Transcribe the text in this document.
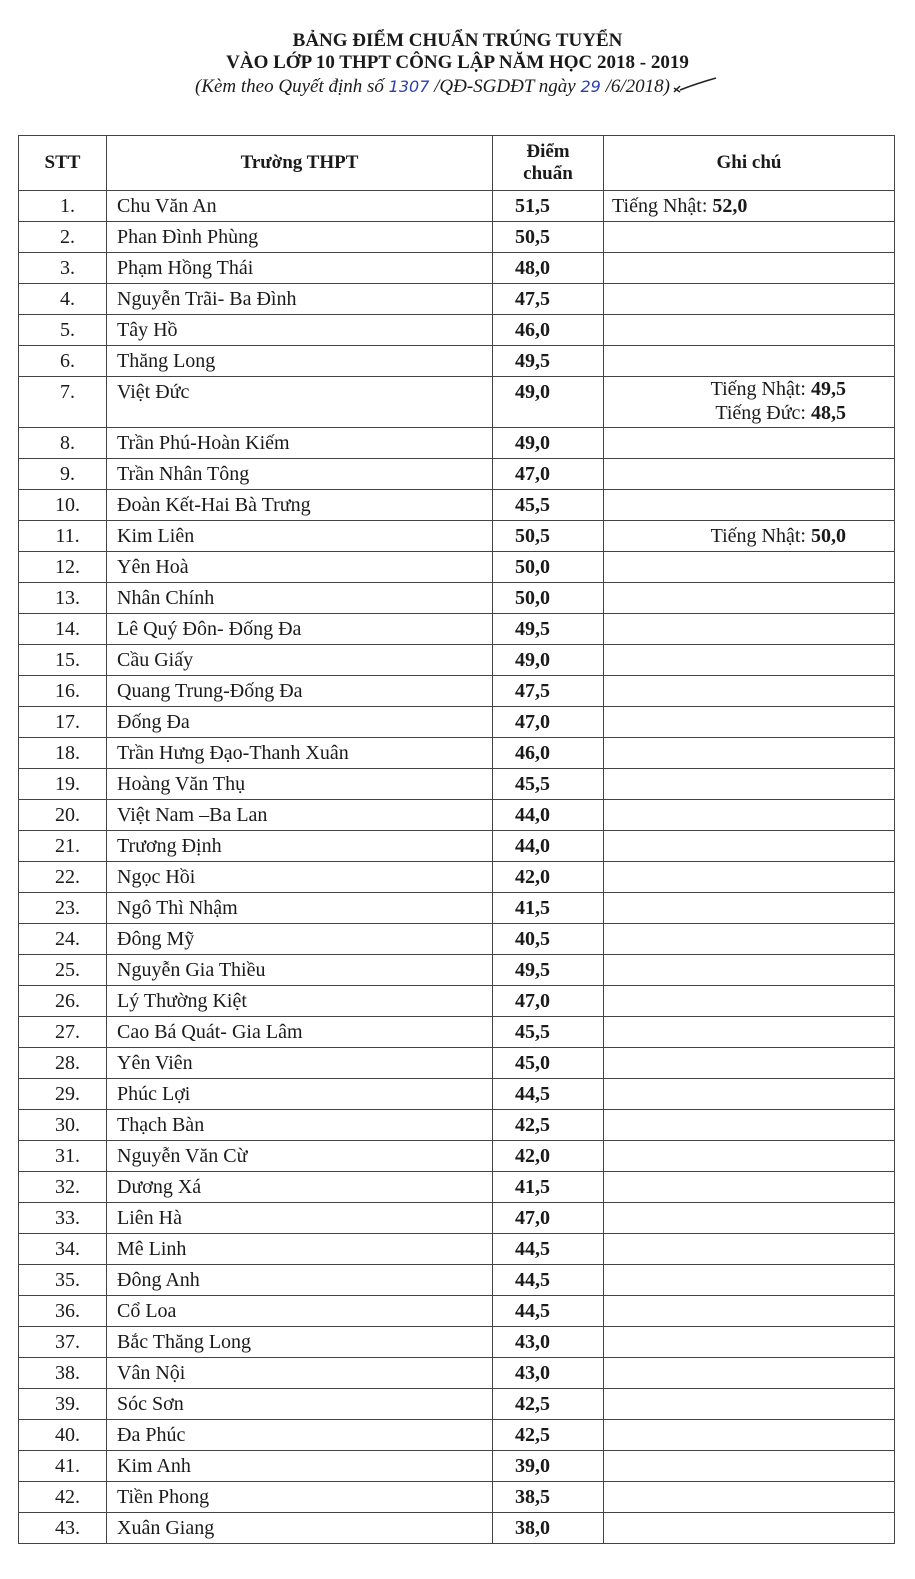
BẢNG ĐIỂM CHUẨN TRÚNG TUYỂN
VÀO LỚP 10 THPT CÔNG LẬP NĂM HỌC 2018 - 2019
(Kèm theo Quyết định số 1307 /QĐ-SGDĐT ngày 29 /6/2018)
STT	Trường THPT	Điểm chuẩn	Ghi chú
1.	Chu Văn An	51,5	Tiếng Nhật: 52,0

2.	Phan Đình Phùng	50,5	
3.	Phạm Hồng Thái	48,0	
4.	Nguyễn Trãi- Ba Đình	47,5	
5.	Tây Hồ	46,0	
6.	Thăng Long	49,5	
7.	Việt Đức	49,0	Tiếng Nhật: 49,5
Tiếng Đức: 48,5

8.	Trần Phú-Hoàn Kiếm	49,0	
9.	Trần Nhân Tông	47,0	
10.	Đoàn Kết-Hai Bà Trưng	45,5	
11.	Kim Liên	50,5	Tiếng Nhật: 50,0

12.	Yên Hoà	50,0	
13.	Nhân Chính	50,0	
14.	Lê Quý Đôn- Đống Đa	49,5	
15.	Cầu Giấy	49,0	
16.	Quang Trung-Đống Đa	47,5	
17.	Đống Đa	47,0	
18.	Trần Hưng Đạo-Thanh Xuân	46,0	
19.	Hoàng Văn Thụ	45,5	
20.	Việt Nam –Ba Lan	44,0	
21.	Trương Định	44,0	
22.	Ngọc Hồi	42,0	
23.	Ngô Thì Nhậm	41,5	
24.	Đông Mỹ	40,5	
25.	Nguyễn Gia Thiều	49,5	
26.	Lý Thường Kiệt	47,0	
27.	Cao Bá Quát- Gia Lâm	45,5	
28.	Yên Viên	45,0	
29.	Phúc Lợi	44,5	
30.	Thạch Bàn	42,5	
31.	Nguyễn Văn Cừ	42,0	
32.	Dương Xá	41,5	
33.	Liên Hà	47,0	
34.	Mê Linh	44,5	
35.	Đông Anh	44,5	
36.	Cổ Loa	44,5	
37.	Bắc Thăng Long	43,0	
38.	Vân Nội	43,0	
39.	Sóc Sơn	42,5	
40.	Đa Phúc	42,5	
41.	Kim Anh	39,0	
42.	Tiền Phong	38,5	
43.	Xuân Giang	38,0	
